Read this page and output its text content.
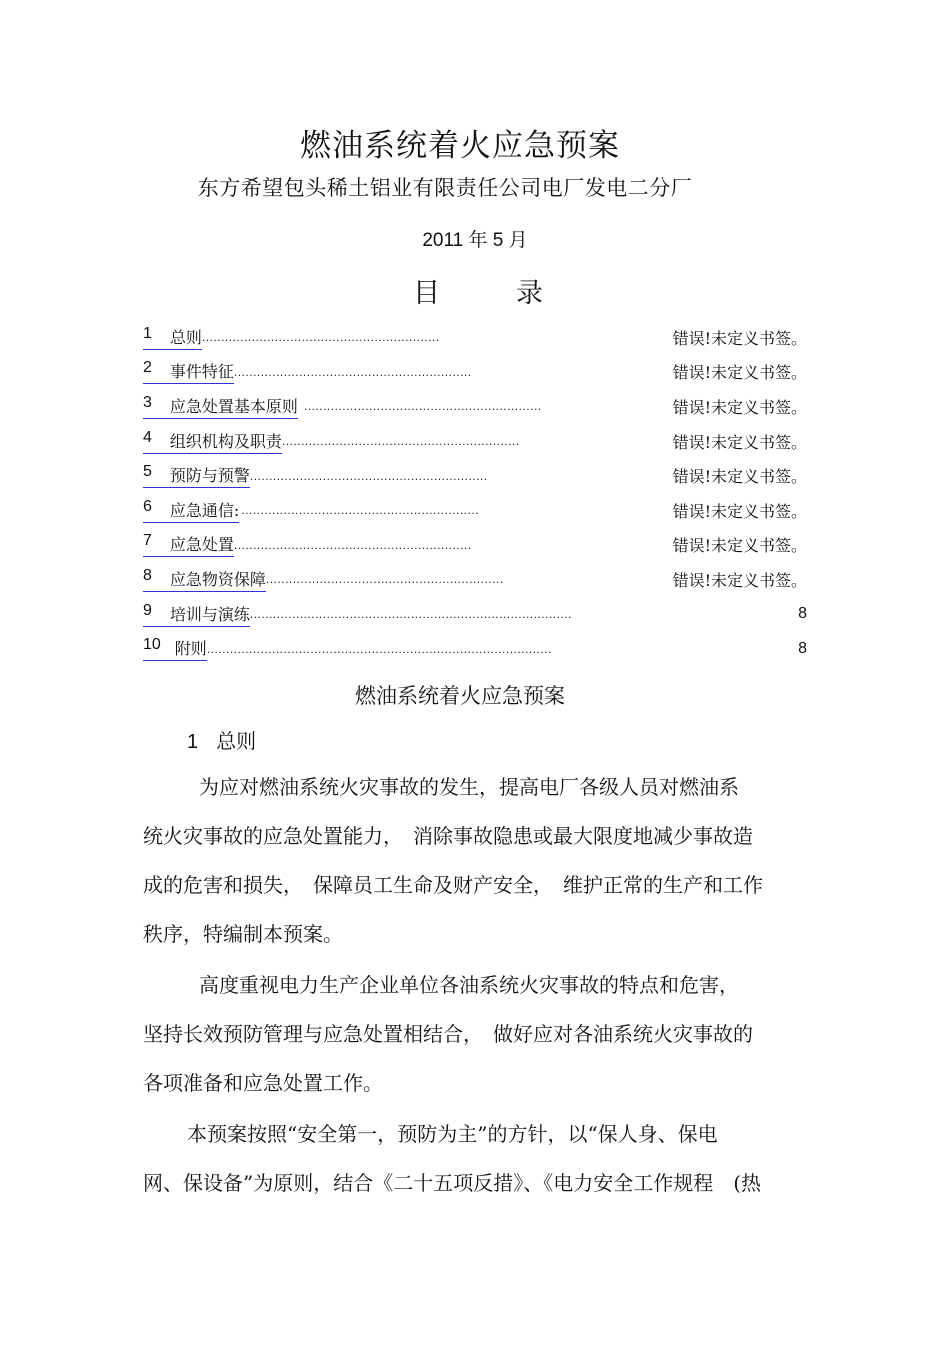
燃油系统着火应急预案
东方希望包头稀土铝业有限责任公司电厂发电二分厂
2011 年 5 月
目录
1 总则 ..............................................................	错误!未定义书签。
2 事件特征 ..............................................................	错误!未定义书签。
3 应急处置基本原则 ..............................................................	错误!未定义书签。
4 组织机构及职责 ..............................................................	错误!未定义书签。
5 预防与预警 ..............................................................	错误!未定义书签。
6 应急通信: ..............................................................	错误!未定义书签。
7 应急处置 ..............................................................	错误!未定义书签。
8 应急物资保障 ..............................................................	错误!未定义书签。
9 培训与演练 ....................................................................................	8
10 附则 ..........................................................................................	8
燃油系统着火应急预案
1 总则

为应对燃油系统火灾事故的发生，提高电厂各级人员对燃油系
统火灾事故的应急处置能力，　消除事故隐患或最大限度地减少事故造
成的危害和损失，　保障员工生命及财产安全，　维护正常的生产和工作
秩序，特编制本预案。

高度重视电力生产企业单位各油系统火灾事故的特点和危害，
坚持长效预防管理与应急处置相结合，　做好应对各油系统火灾事故的
各项准备和应急处置工作。

本预案按照“安全第一，预防为主”的方针，以“保人身、保电
网、保设备”为原则，结合《二十五项反措》、《电力安全工作规程　(热
